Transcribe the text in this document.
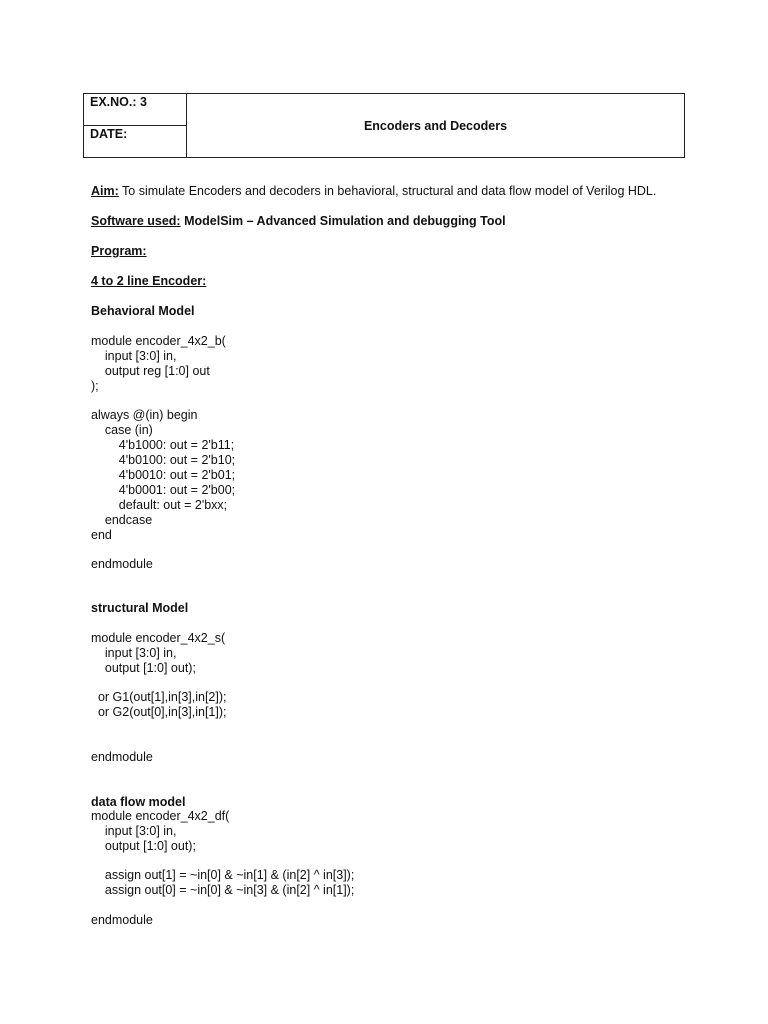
EX.NO.: 3	Encoders and Decoders
DATE:
Aim: To simulate Encoders and decoders in behavioral, structural and data flow model of Verilog HDL.
Software used: ModelSim – Advanced Simulation and debugging Tool
Program:
4 to 2 line Encoder:
Behavioral Model
module encoder_4x2_b(
input [3:0] in,
output reg [1:0] out
);
always @(in) begin
case (in)
4'b1000: out = 2'b11;
4'b0100: out = 2'b10;
4'b0010: out = 2'b01;
4'b0001: out = 2'b00;
default: out = 2'bxx;
endcase
end
endmodule
structural Model
module encoder_4x2_s(
input [3:0] in,
output [1:0] out);
or G1(out[1],in[3],in[2]);
or G2(out[0],in[3],in[1]);
endmodule
data flow model
module encoder_4x2_df(
input [3:0] in,
output [1:0] out);
assign out[1] = ~in[0] & ~in[1] & (in[2] ^ in[3]);
assign out[0] = ~in[0] & ~in[3] & (in[2] ^ in[1]);
endmodule
